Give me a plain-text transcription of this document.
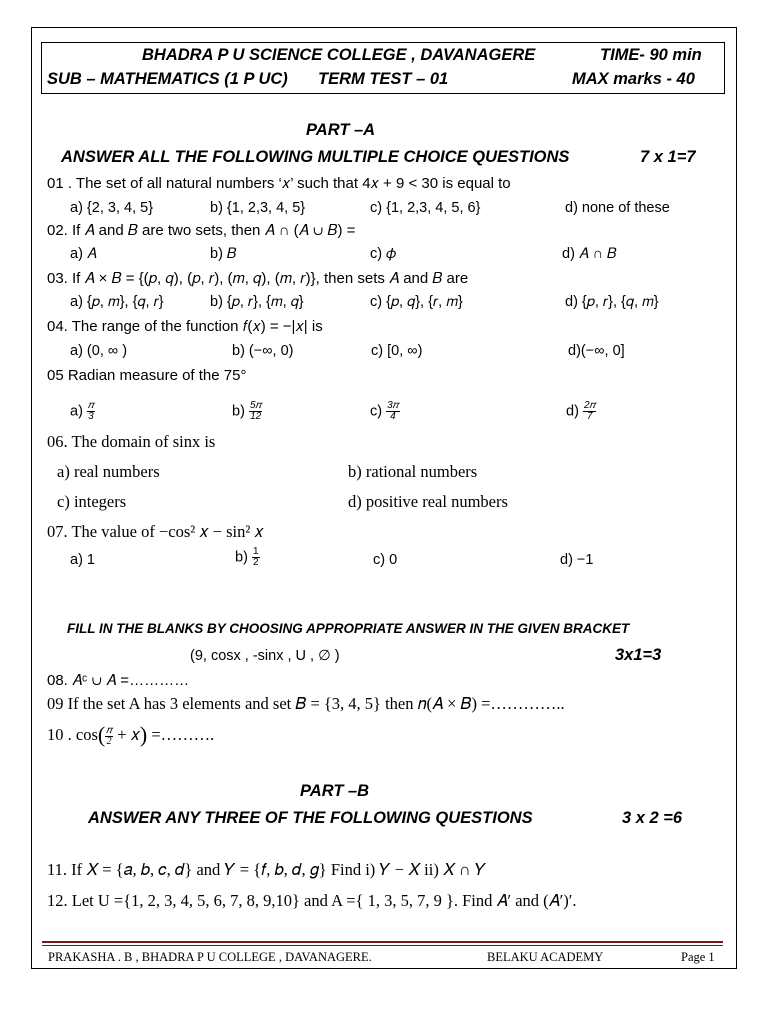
BHADRA P U SCIENCE COLLEGE , DAVANAGERE	TIME- 90 min
SUB – MATHEMATICS (1 P UC) TERM TEST – 01	MAX marks - 40
PART –A
ANSWER ALL THE FOLLOWING MULTIPLE CHOICE QUESTIONS	7 x 1=7
01 . The set of all natural numbers ‘𝑥’ such that 4𝑥 + 9 < 30 is equal to
a) {2, 3, 4, 5}	b) {1, 2,3, 4, 5}	c) {1, 2,3, 4, 5, 6}	d) none of these
02. If 𝐴 and 𝐵 are two sets, then 𝐴 ∩ (𝐴 ∪ 𝐵) =
a) 𝐴	b) 𝐵	c) 𝜙	d) 𝐴 ∩ 𝐵
03. If 𝐴 × 𝐵 = {(𝑝, 𝑞), (𝑝, 𝑟), (𝑚, 𝑞), (𝑚, 𝑟)}, then sets 𝐴 and 𝐵 are
a) {𝑝, 𝑚}, {𝑞, 𝑟}	b) {𝑝, 𝑟}, {𝑚, 𝑞}	c) {𝑝, 𝑞}, {𝑟, 𝑚}	d) {𝑝, 𝑟}, {𝑞, 𝑚}
04. The range of the function 𝑓(𝑥) = −|𝑥| is
a) (0, ∞ )	b) (−∞, 0)	c) [0, ∞)	d)(−∞, 0]
05 Radian measure of the 75°
$a) \frac{\text{𝜋}}{3}$	$b) \frac{\text{5𝜋}}{12}$	$c) \frac{\text{3𝜋}}{4}$	$d) \frac{\text{2𝜋}}{7}$
06. The domain of sinx is
a) real numbers	b) rational numbers
c) integers	d) positive real numbers
07. The value of −cos² 𝑥 − sin² 𝑥
a) 1	$b) \frac{1}{2}$	c) 0	d) −1
FILL IN THE BLANKS BY CHOOSING APPROPRIATE ANSWER IN THE GIVEN BRACKET
(9, cosx , -sinx , U , ∅ )	3x1=3
08. 𝐴ᶜ ∪ 𝐴 =…………
09 If the set A has 3 elements and set 𝐵 = {3, 4, 5} then 𝑛(𝐴 × 𝐵) =…………..
10 . $\cos( \frac{\text{𝜋}}{2}$ + 𝑥) =……….
PART –B
ANSWER ANY THREE OF THE FOLLOWING QUESTIONS	3 x 2 =6
11. If 𝑋 = {𝑎, 𝑏, 𝑐, 𝑑} and 𝑌 = {𝑓, 𝑏, 𝑑, 𝑔} Find i) 𝑌 − 𝑋 ii) 𝑋 ∩ 𝑌
12. Let U ={1, 2, 3, 4, 5, 6, 7, 8, 9,10} and A ={ 1, 3, 5, 7, 9 }. Find 𝐴′ and (𝐴′)′.
PRAKASHA . B , BHADRA P U COLLEGE , DAVANAGERE.	BELAKU ACADEMY	Page 1
